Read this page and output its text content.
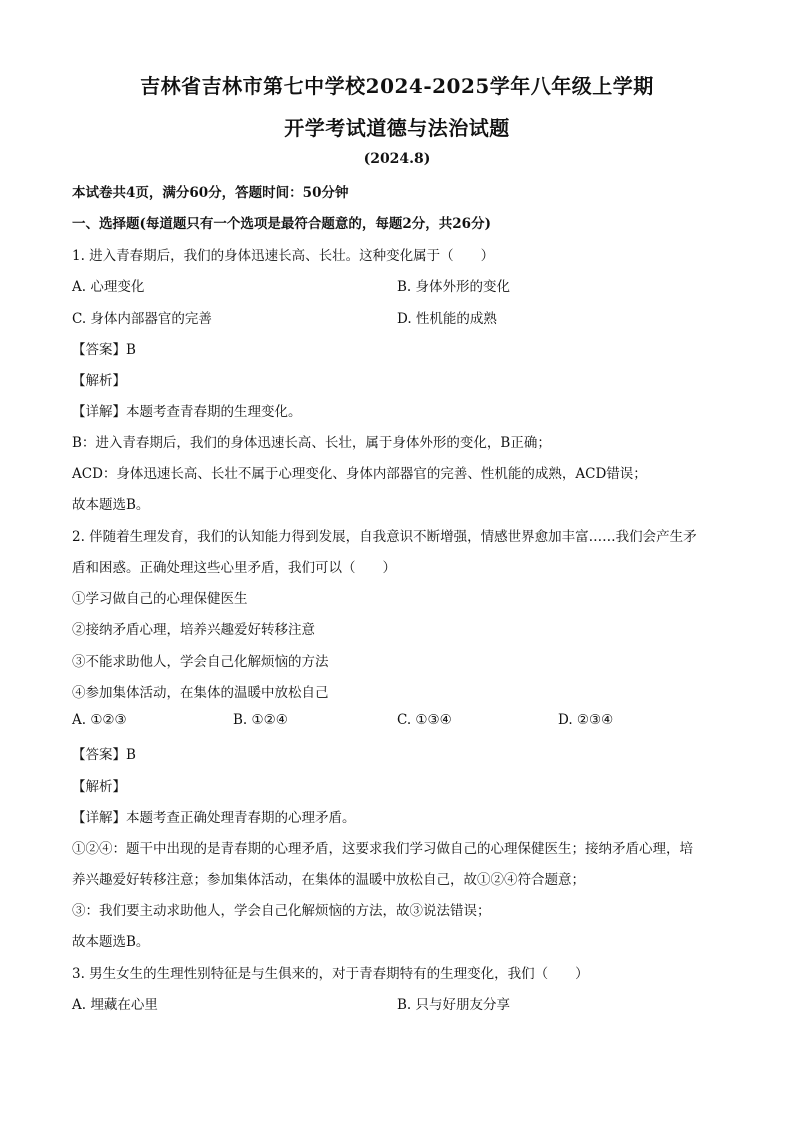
吉林省吉林市第七中学校2024-2025学年八年级上学期
开学考试道德与法治试题
(2024.8)
本试卷共4页，满分60分，答题时间：50分钟
一、选择题(每道题只有一个选项是最符合题意的，每题2分，共26分)
1. 进入青春期后，我们的身体迅速长高、长壮。这种变化属于（　　）
A. 心理变化	B. 身体外形的变化
C. 身体内部器官的完善	D. 性机能的成熟
【答案】B
【解析】
【详解】本题考查青春期的生理变化。
B：进入青春期后，我们的身体迅速长高、长壮，属于身体外形的变化，B正确；
ACD：身体迅速长高、长壮不属于心理变化、身体内部器官的完善、性机能的成熟，ACD错误；
故本题选B。
2. 伴随着生理发育，我们的认知能力得到发展，自我意识不断增强，情感世界愈加丰富……我们会产生矛
盾和困惑。正确处理这些心里矛盾，我们可以（　　）
①学习做自己的心理保健医生
②接纳矛盾心理，培养兴趣爱好转移注意
③不能求助他人，学会自己化解烦恼的方法
④参加集体活动，在集体的温暖中放松自己
A. ①②③	B. ①②④	C. ①③④	D. ②③④
【答案】B
【解析】
【详解】本题考查正确处理青春期的心理矛盾。
①②④：题干中出现的是青春期的心理矛盾，这要求我们学习做自己的心理保健医生；接纳矛盾心理，培
养兴趣爱好转移注意；参加集体活动，在集体的温暖中放松自己，故①②④符合题意；
③：我们要主动求助他人，学会自己化解烦恼的方法，故③说法错误；
故本题选B。
3. 男生女生的生理性别特征是与生俱来的，对于青春期特有的生理变化，我们（　　）
A. 埋藏在心里	B. 只与好朋友分享
